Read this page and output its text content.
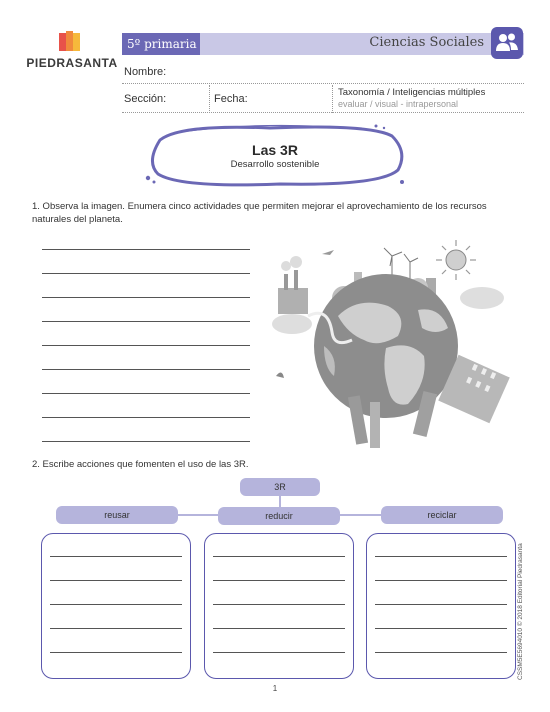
PIEDRASANTA
5º primaria	Ciencias Sociales
Nombre:
Sección:	Fecha:
Taxonomía / Inteligencias múltiples
evaluar / visual - intrapersonal
Las 3R
Desarrollo sostenible
1. Observa la imagen. Enumera cinco actividades que permiten mejorar el aprovechamiento de los recursos naturales del planeta.
2. Escribe acciones que fomenten el uso de las 3R.
3R
reusar	reducir	reciclar
CSSM5E5694010 © 2018 Editorial Piedrasanta
1
